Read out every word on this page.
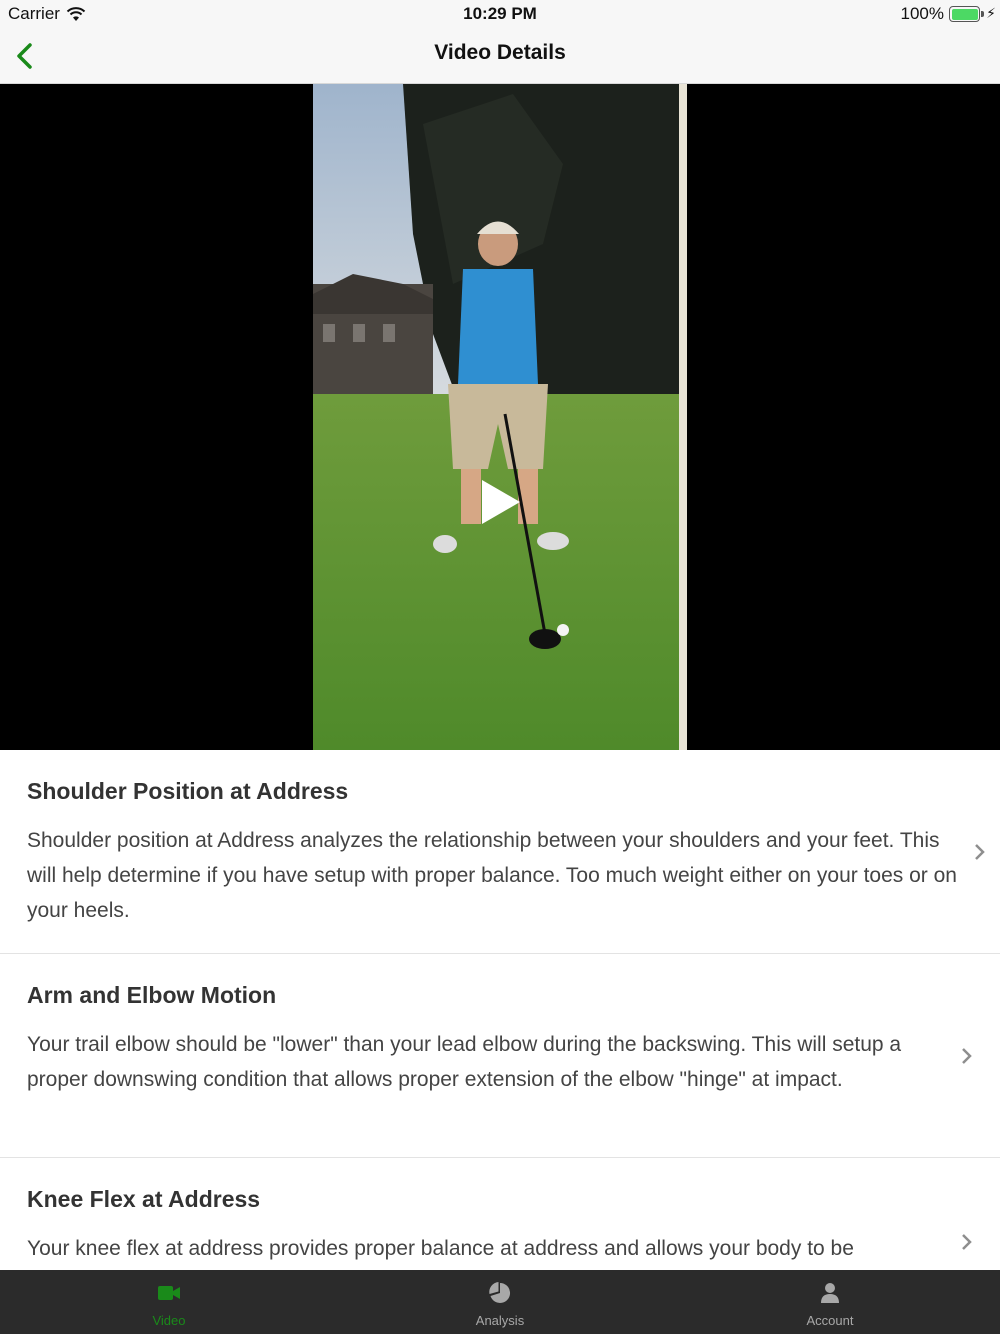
Carrier	10:29 PM	100%	⚡
Video Details
Shoulder Position at Address
Shoulder position at Address analyzes the relationship between your shoulders and your feet. This will help determine if you have setup with proper balance. Too much weight either on your toes or on your heels.
Arm and Elbow Motion
Your trail elbow should be "lower" than your lead elbow during the backswing. This will setup a proper downswing condition that allows proper extension of the elbow "hinge" at impact.
Knee Flex at Address
Your knee flex at address provides proper balance at address and allows your body to be
Video	Analysis	Account
